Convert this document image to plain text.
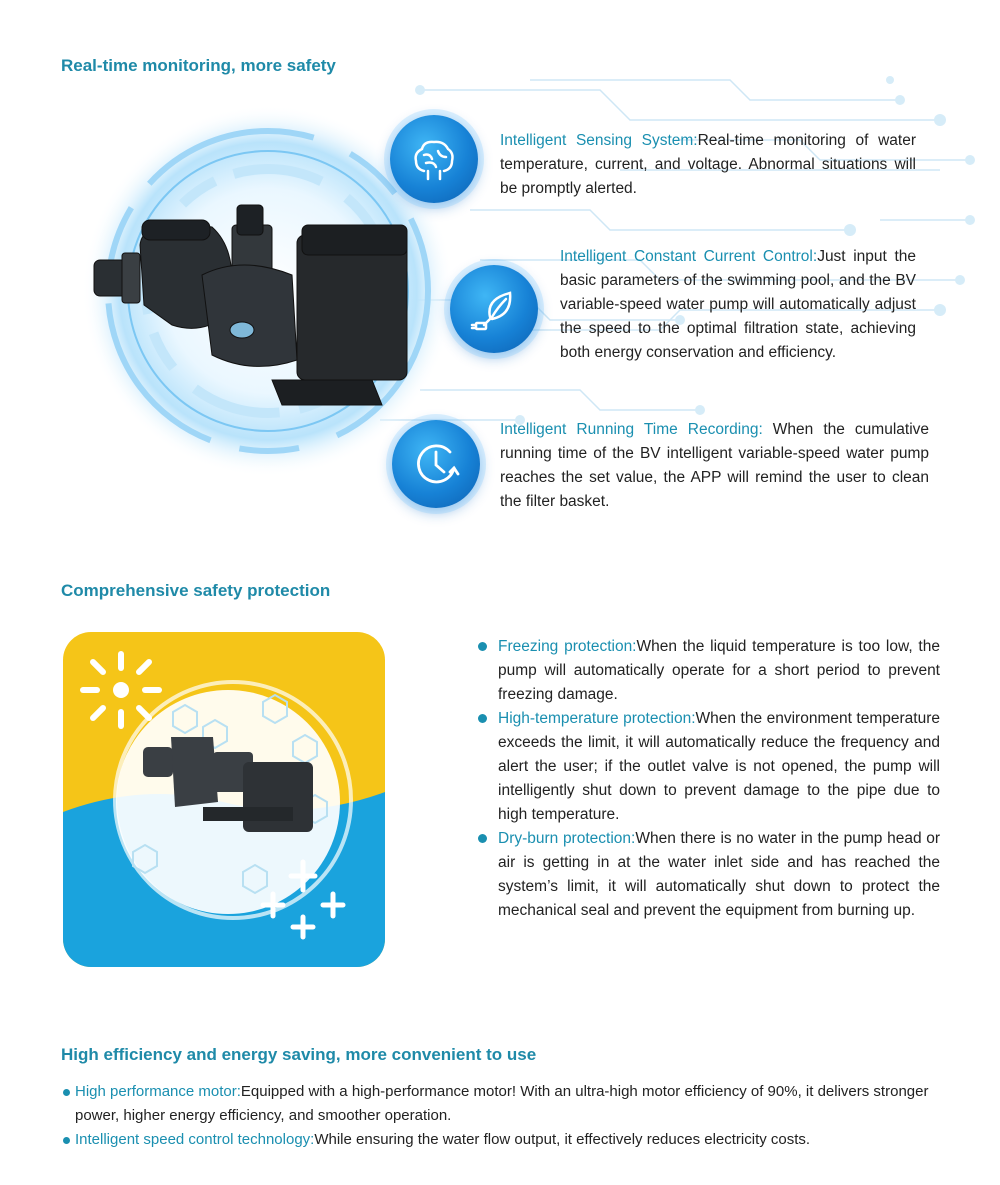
Real-time monitoring, more safety

Intelligent Sensing System:Real-time monitoring of water temperature, current, and voltage. Abnormal situations will be promptly alerted.

Intelligent Constant Current Control:Just input the basic parameters of the swimming pool, and the BV variable-speed water pump will automatically adjust the speed to the optimal filtration state, achieving both energy conservation and efficiency.

Intelligent Running Time Recording: When the cumulative running time of the BV intelligent variable-speed water pump reaches the set value, the APP will remind the user to clean the filter basket.

Comprehensive safety protection

Freezing protection:When the liquid temperature is too low, the pump will automatically operate for a short period to prevent freezing damage.

High-temperature protection:When the environment temperature exceeds the limit, it will automatically reduce the frequency and alert the user; if the outlet valve is not opened, the pump will intelligently shut down to prevent damage to the pipe due to high temperature.

Dry-burn protection:When there is no water in the pump head or air is getting in at the water inlet side and has reached the system’s limit, it will automatically shut down to protect the mechanical seal and prevent the equipment from burning up.

High efficiency and energy saving, more convenient to use

High performance motor:Equipped with a high-performance motor! With an ultra-high motor efficiency of 90%, it delivers stronger power, higher energy efficiency, and smoother operation.

Intelligent speed control technology:While ensuring the water flow output, it effectively reduces electricity costs.
